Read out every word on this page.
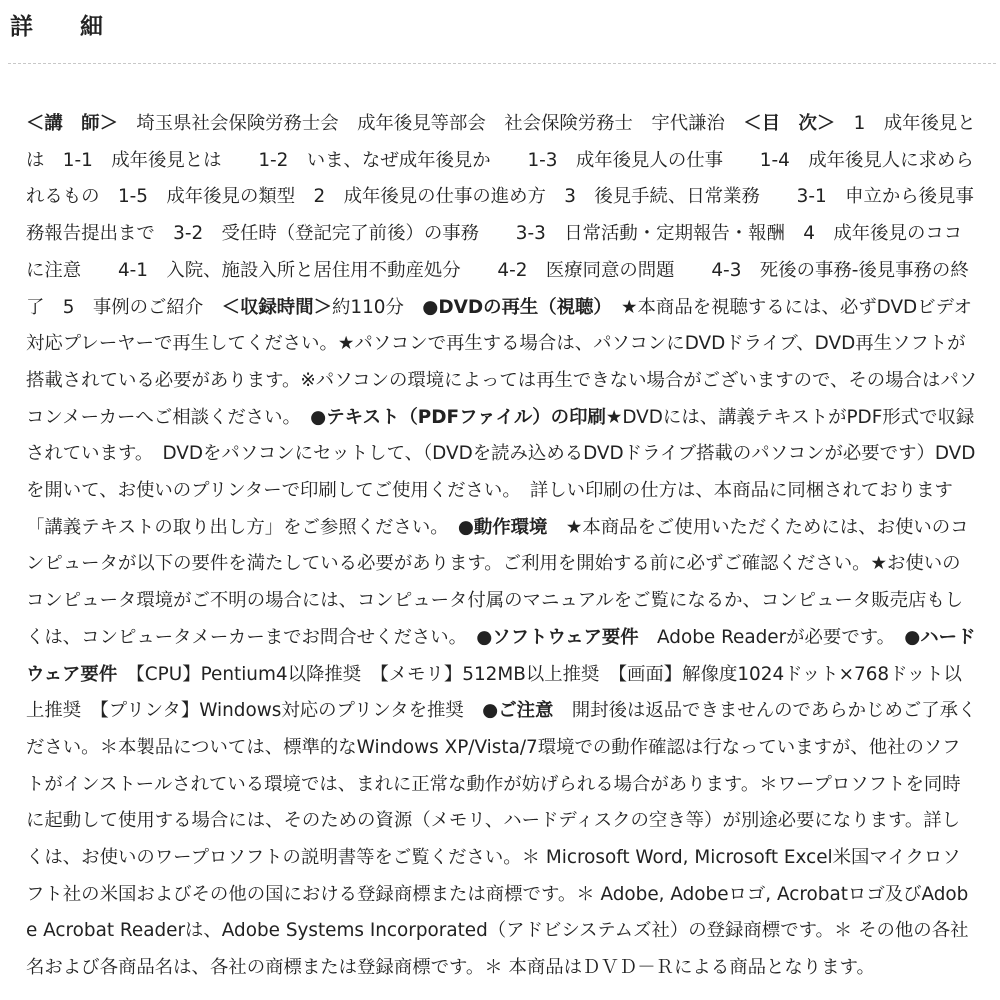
詳　細
＜講　師＞　 埼玉県社会保険労務士会　成年後見等部会　社会保険労務士　宇代謙治　 ＜目　次＞　1　成年後見とは　1-1　成年後見とは　　1-2　いま、なぜ成年後見か　　1-3　成年後見人の仕事　　1-4　成年後見人に求められるもの　1-5　成年後見の類型　2　成年後見の仕事の進め方　3　後見手続、日常業務　　3-1　申立から後見事務報告提出まで　3-2　受任時（登記完了前後）の事務　　3-3　日常活動・定期報告・報酬　4　成年後見のココに注意　　4-1　入院、施設入所と居住用不動産処分　　4-2　医療同意の問題　　4-3　死後の事務-後見事務の終了　5　事例のご紹介　 ＜収録時間＞約110分　 ●DVDの再生（視聴）　 ★本商品を視聴するには、必ずDVDビデオ対応プレーヤーで再生してください。★パソコンで再生する場合は、パソコンにDVDドライブ、DVD再生ソフトが搭載されている必要があります。※パソコンの環境によっては再生できない場合がございますので、その場合はパソコンメーカーへご相談ください。　 ●テキスト（PDFファイル）の印刷★DVDには、講義テキストがPDF形式で収録されています。　DVDをパソコンにセットして、（DVDを読み込めるDVDドライブ搭載のパソコンが必要です）DVDを開いて、お使いのプリンターで印刷してご使用ください。　詳しい印刷の仕方は、本商品に同梱されております「講義テキストの取り出し方」をご参照ください。　 ●動作環境　 ★本商品をご使用いただくためには、お使いのコンピュータが以下の要件を満たしている必要があります。ご利用を開始する前に必ずご確認ください。★お使いのコンピュータ環境がご不明の場合には、コンピュータ付属のマニュアルをご覧になるか、コンピュータ販売店もしくは、コンピュータメーカーまでお問合せください。　 ●ソフトウェア要件　Adobe Readerが必要です。　 ●ハードウェア要件　【CPU】Pentium4以降推奨　【メモリ】512MB以上推奨　【画面】解像度1024ドット×768ドット以上推奨　【プリンタ】Windows対応のプリンタを推奨　 ●ご注意　開封後は返品できませんのであらかじめご了承ください。＊本製品については、標準的なWindows XP/Vista/7環境での動作確認は行なっていますが、他社のソフトがインストールされている環境では、まれに正常な動作が妨げられる場合があります。＊ワープロソフトを同時に起動して使用する場合には、そのための資源（メモリ、ハードディスクの空き等）が別途必要になります。詳しくは、お使いのワープロソフトの説明書等をご覧ください。＊ Microsoft Word, Microsoft Excel米国マイクロソフト社の米国およびその他の国における登録商標または商標です。＊ Adobe, Adobeロゴ, Acrobatロゴ及びAdobe Acrobat Readerは、Adobe Systems Incorporated（アドビシステムズ社）の登録商標です。＊ その他の各社名および各商品名は、各社の商標または登録商標です。＊ 本商品はＤＶＤ－Ｒによる商品となります。
